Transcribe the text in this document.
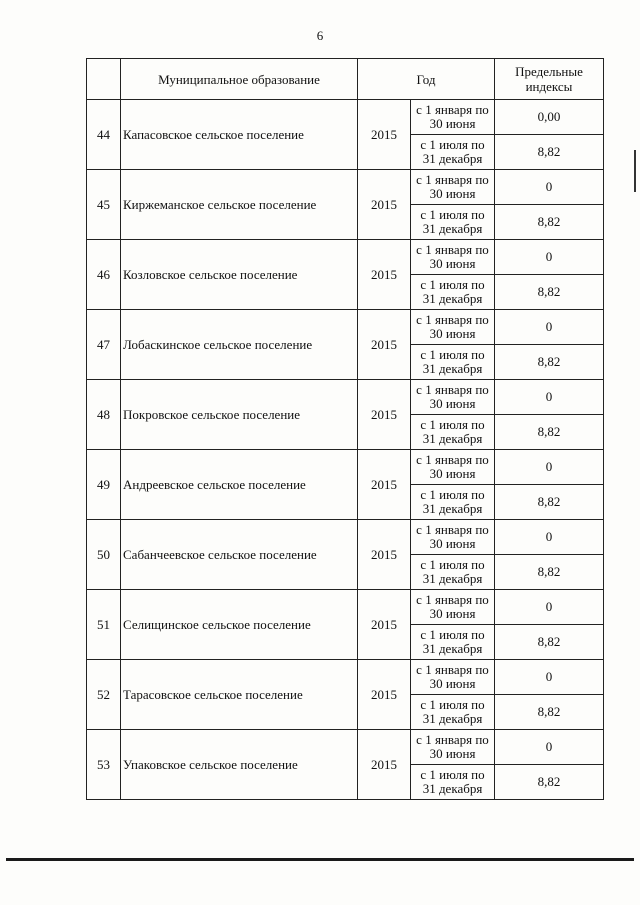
6
	Муниципальное образование	Год		Предельные индексы
44	Капасовское сельское поселение	2015	с 1 января по 30 июня	0,00
			с 1 июля по 31 декабря	8,82
45	Киржеманское сельское поселение	2015	с 1 января по 30 июня	0
			с 1 июля по 31 декабря	8,82
46	Козловское сельское поселение	2015	с 1 января по 30 июня	0
			с 1 июля по 31 декабря	8,82
47	Лобаскинское сельское поселение	2015	с 1 января по 30 июня	0
			с 1 июля по 31 декабря	8,82
48	Покровское сельское поселение	2015	с 1 января по 30 июня	0
			с 1 июля по 31 декабря	8,82
49	Андреевское сельское поселение	2015	с 1 января по 30 июня	0
			с 1 июля по 31 декабря	8,82
50	Сабанчеевское сельское поселение	2015	с 1 января по 30 июня	0
			с 1 июля по 31 декабря	8,82
51	Селищинское сельское поселение	2015	с 1 января по 30 июня	0
			с 1 июля по 31 декабря	8,82
52	Тарасовское сельское поселение	2015	с 1 января по 30 июня	0
			с 1 июля по 31 декабря	8,82
53	Упаковское сельское поселение	2015	с 1 января по 30 июня	0
			с 1 июля по 31 декабря	8,82
